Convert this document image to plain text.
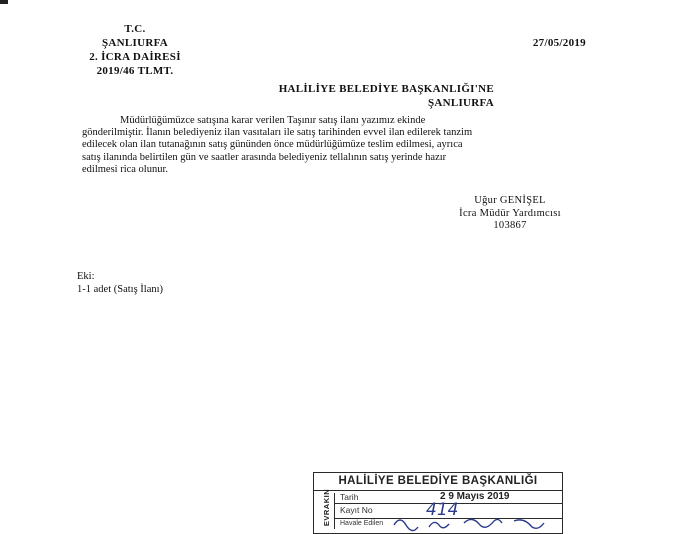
T.C.
ŞANLIURFA
2. İCRA DAİRESİ
2019/46 TLMT.
27/05/2019
HALİLİYE BELEDİYE BAŞKANLIĞI'NE
ŞANLIURFA
Müdürlüğümüzce satışına karar verilen Taşınır satış ilanı yazımız ekinde
gönderilmiştir. İlanın belediyeniz ilan vasıtaları ile satış tarihinden evvel ilan edilerek tanzim
edilecek olan ilan tutanağının satış gününden önce müdürlüğümüze teslim edilmesi, ayrıca
satış ilanında belirtilen gün ve saatler arasında belediyeniz tellalının satış yerinde hazır
edilmesi rica olunur.
Uğur GENİŞEL
İcra Müdür Yardımcısı
103867
Eki:
1-1 adet (Satış İlanı)
HALİLİYE BELEDİYE BAŞKANLIĞI
EVRAKIN Tarih	2 9 Mayıs 2019
Kayıt No	414
Havale Edilen
